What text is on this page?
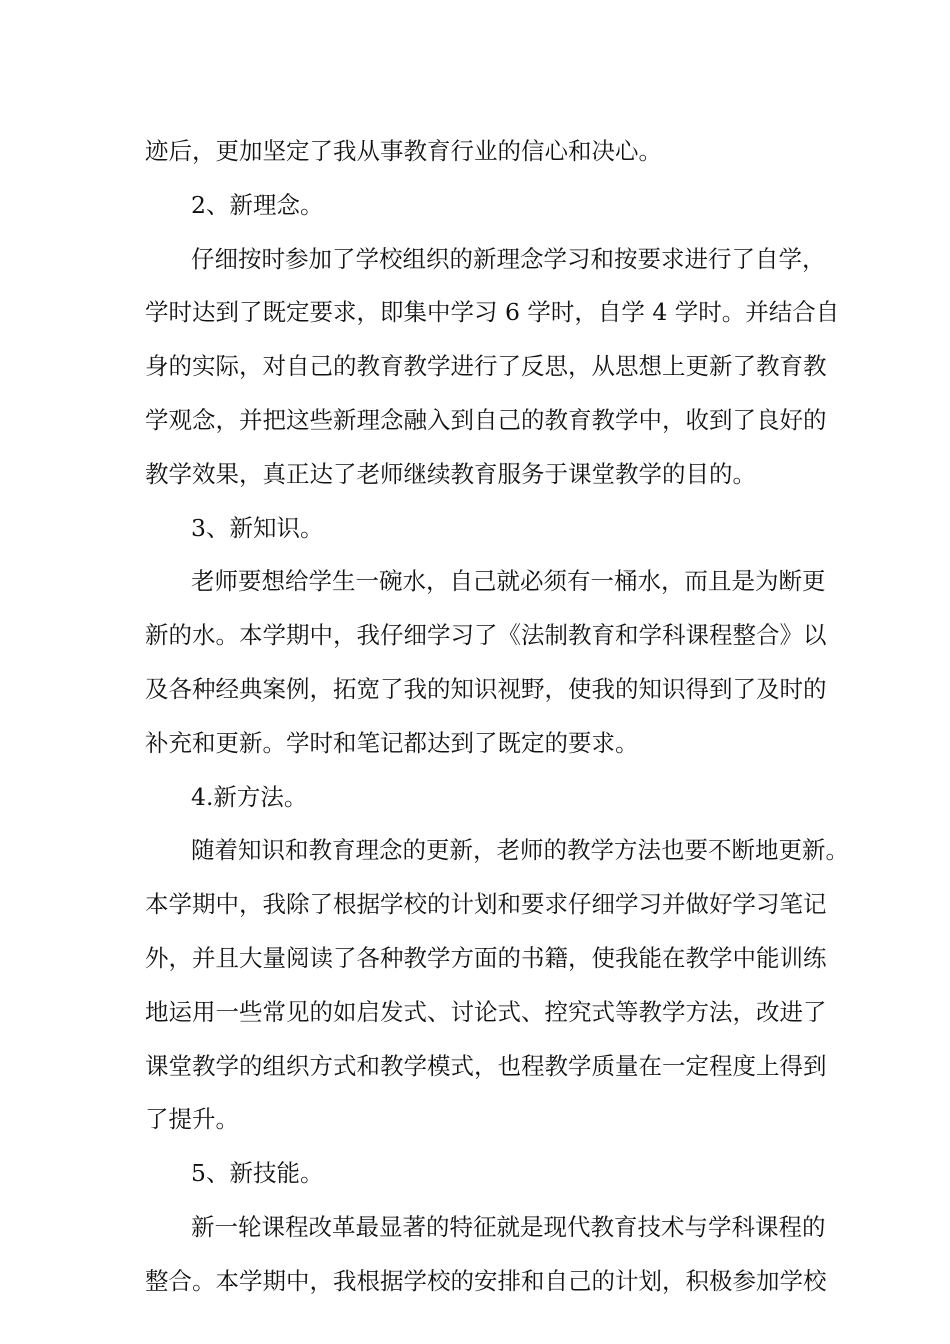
迹后，更加坚定了我从事教育行业的信心和决心。
2、新理念。
仔细按时参加了学校组织的新理念学习和按要求进行了自学，
学时达到了既定要求，即集中学习 6 学时，自学 4 学时。并结合自
身的实际，对自己的教育教学进行了反思，从思想上更新了教育教
学观念，并把这些新理念融入到自己的教育教学中，收到了良好的
教学效果，真正达了老师继续教育服务于课堂教学的目的。
3、新知识。
老师要想给学生一碗水，自己就必须有一桶水，而且是为断更
新的水。本学期中，我仔细学习了《法制教育和学科课程整合》以
及各种经典案例，拓宽了我的知识视野，使我的知识得到了及时的
补充和更新。学时和笔记都达到了既定的要求。
4.新方法。
随着知识和教育理念的更新，老师的教学方法也要不断地更新。
本学期中，我除了根据学校的计划和要求仔细学习并做好学习笔记
外，并且大量阅读了各种教学方面的书籍，使我能在教学中能训练
地运用一些常见的如启发式、讨论式、控究式等教学方法，改进了
课堂教学的组织方式和教学模式，也程教学质量在一定程度上得到
了提升。
5、新技能。
新一轮课程改革最显著的特征就是现代教育技术与学科课程的
整合。本学期中，我根据学校的安排和自己的计划，积极参加学校
